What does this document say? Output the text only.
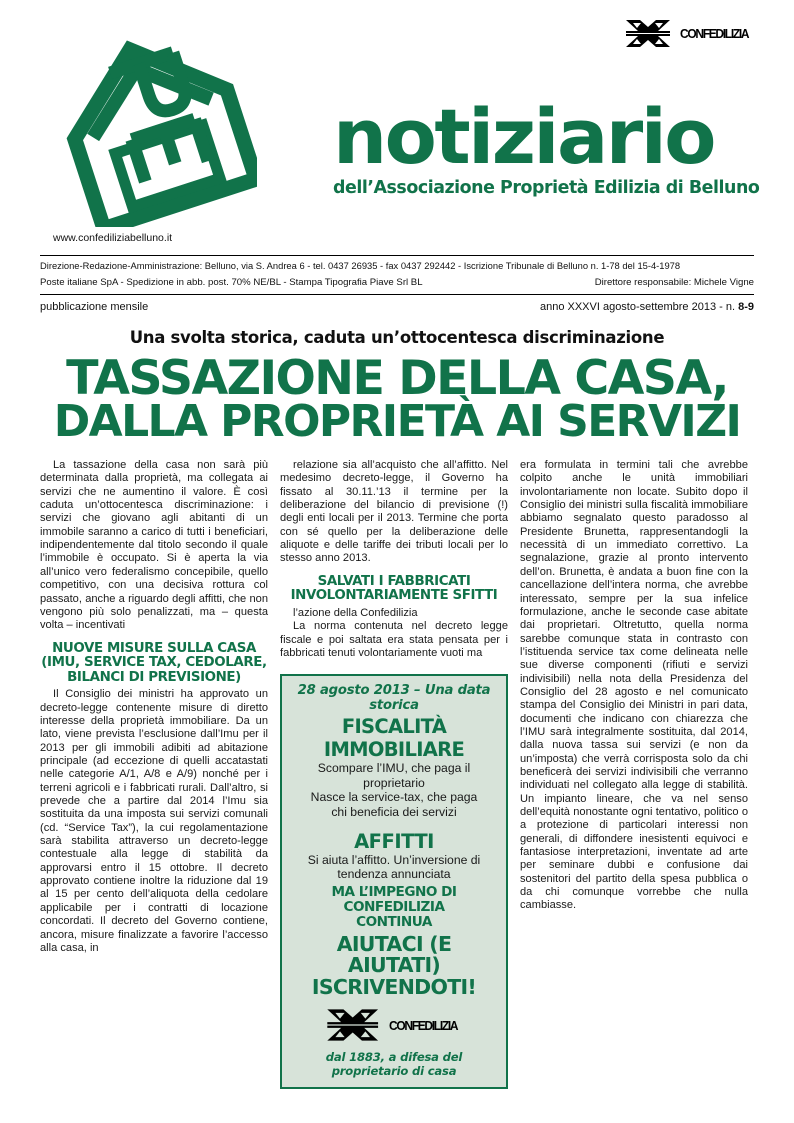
CONFEDILIZIA
notiziario
dell’Associazione Proprietà Edilizia di Belluno
www.confediliziabelluno.it
Direzione-Redazione-Amministrazione: Belluno, via S. Andrea 6 - tel. 0437 26935 - fax 0437 292442 - Iscrizione Tribunale di Belluno n. 1-78 del 15-4-1978
Poste italiane SpA - Spedizione in abb. post. 70% NE/BL - Stampa Tipografia Piave Srl BL	Direttore responsabile: Michele Vigne
pubblicazione mensile	anno XXXVI agosto-settembre 2013 - n. 8-9
Una svolta storica, caduta un’ottocentesca discriminazione
TASSAZIONE DELLA CASA,
DALLA PROPRIETÀ AI SERVIZI

La tassazione della casa non sarà più determinata dalla proprietà, ma collegata ai servizi che ne aumentino il valore. È così caduta un’ottocentesca discriminazione: i servizi che giovano agli abitanti di un immobile saranno a carico di tutti i beneficiari, indipendentemente dal titolo secondo il quale l’immobile è occupato. Si è aperta la via all’unico vero federalismo concepibile, quello competitivo, con una decisiva rottura col passato, anche a riguardo degli affitti, che non vengono più solo penalizzati, ma – questa volta – incentivati

NUOVE MISURE SULLA CASA (IMU, SERVICE TAX, CEDOLARE, BILANCI DI PREVISIONE)

Il Consiglio dei ministri ha approvato un decreto-legge contenente misure di diretto interesse della proprietà immobiliare. Da un lato, viene prevista l’esclusione dall’Imu per il 2013 per gli immobili adibiti ad abitazione principale (ad eccezione di quelli accatastati nelle categorie A/1, A/8 e A/9) nonché per i terreni agricoli e i fabbricati rurali. Dall’altro, si prevede che a partire dal 2014 l’Imu sia sostituita da una imposta sui servizi comunali (cd. “Service Tax”), la cui regolamentazione sarà stabilita attraverso un decreto-legge contestuale alla legge di stabilità da approvarsi entro il 15 ottobre. Il decreto approvato contiene inoltre la riduzione dal 19 al 15 per cento dell’aliquota della cedolare applicabile per i contratti di locazione concordati. Il decreto del Governo contiene, ancora, misure finalizzate a favorire l’accesso alla casa, in

relazione sia all’acquisto che all’affitto. Nel medesimo decreto-legge, il Governo ha fissato al 30.11.’13 il termine per la deliberazione del bilancio di previsione (!) degli enti locali per il 2013. Termine che porta con sé quello per la deliberazione delle aliquote e delle tariffe dei tributi locali per lo stesso anno 2013.

SALVATI I FABBRICATI INVOLONTARIAMENTE SFITTI

l’azione della Confedilizia

La norma contenuta nel decreto legge fiscale e poi saltata era stata pensata per i fabbricati tenuti volontariamente vuoti ma

28 agosto 2013 – Una data storica
FISCALITÀ IMMOBILIARE
Scompare l’IMU, che paga il proprietario
Nasce la service-tax, che paga
chi beneficia dei servizi
AFFITTI
Si aiuta l’affitto. Un’inversione di
tendenza annunciata
MA L’IMPEGNO DI CONFEDILIZIA
CONTINUA
AIUTACI (E AIUTATI)
ISCRIVENDOTI!
CONFEDILIZIA
dal 1883, a difesa del proprietario di casa

era formulata in termini tali che avrebbe colpito anche le unità immobiliari involontariamente non locate. Subito dopo il Consiglio dei ministri sulla fiscalità immobiliare abbiamo segnalato questo paradosso al Presidente Brunetta, rappresentandogli la necessità di un immediato correttivo. La segnalazione, grazie al pronto intervento dell’on. Brunetta, è andata a buon fine con la cancellazione dell’intera norma, che avrebbe interessato, sempre per la sua infelice formulazione, anche le seconde case abitate dai proprietari. Oltretutto, quella norma sarebbe comunque stata in contrasto con l’istituenda service tax come delineata nelle sue diverse componenti (rifiuti e servizi indivisibili) nella nota della Presidenza del Consiglio del 28 agosto e nel comunicato stampa del Consiglio dei Ministri in pari data, documenti che indicano con chiarezza che l’IMU sarà integralmente sostituita, dal 2014, dalla nuova tassa sui servizi (e non da un’imposta) che verrà corrisposta solo da chi beneficerà dei servizi indivisibili che verranno individuati nel collegato alla legge di stabilità. Un impianto lineare, che va nel senso dell’equità nonostante ogni tentativo, politico o a protezione di particolari interessi non generali, di diffondere inesistenti equivoci e fantasiose interpretazioni, inventate ad arte per seminare dubbi e confusione dai sostenitori del partito della spesa pubblica o da chi comunque vorrebbe che nulla cambiasse.
